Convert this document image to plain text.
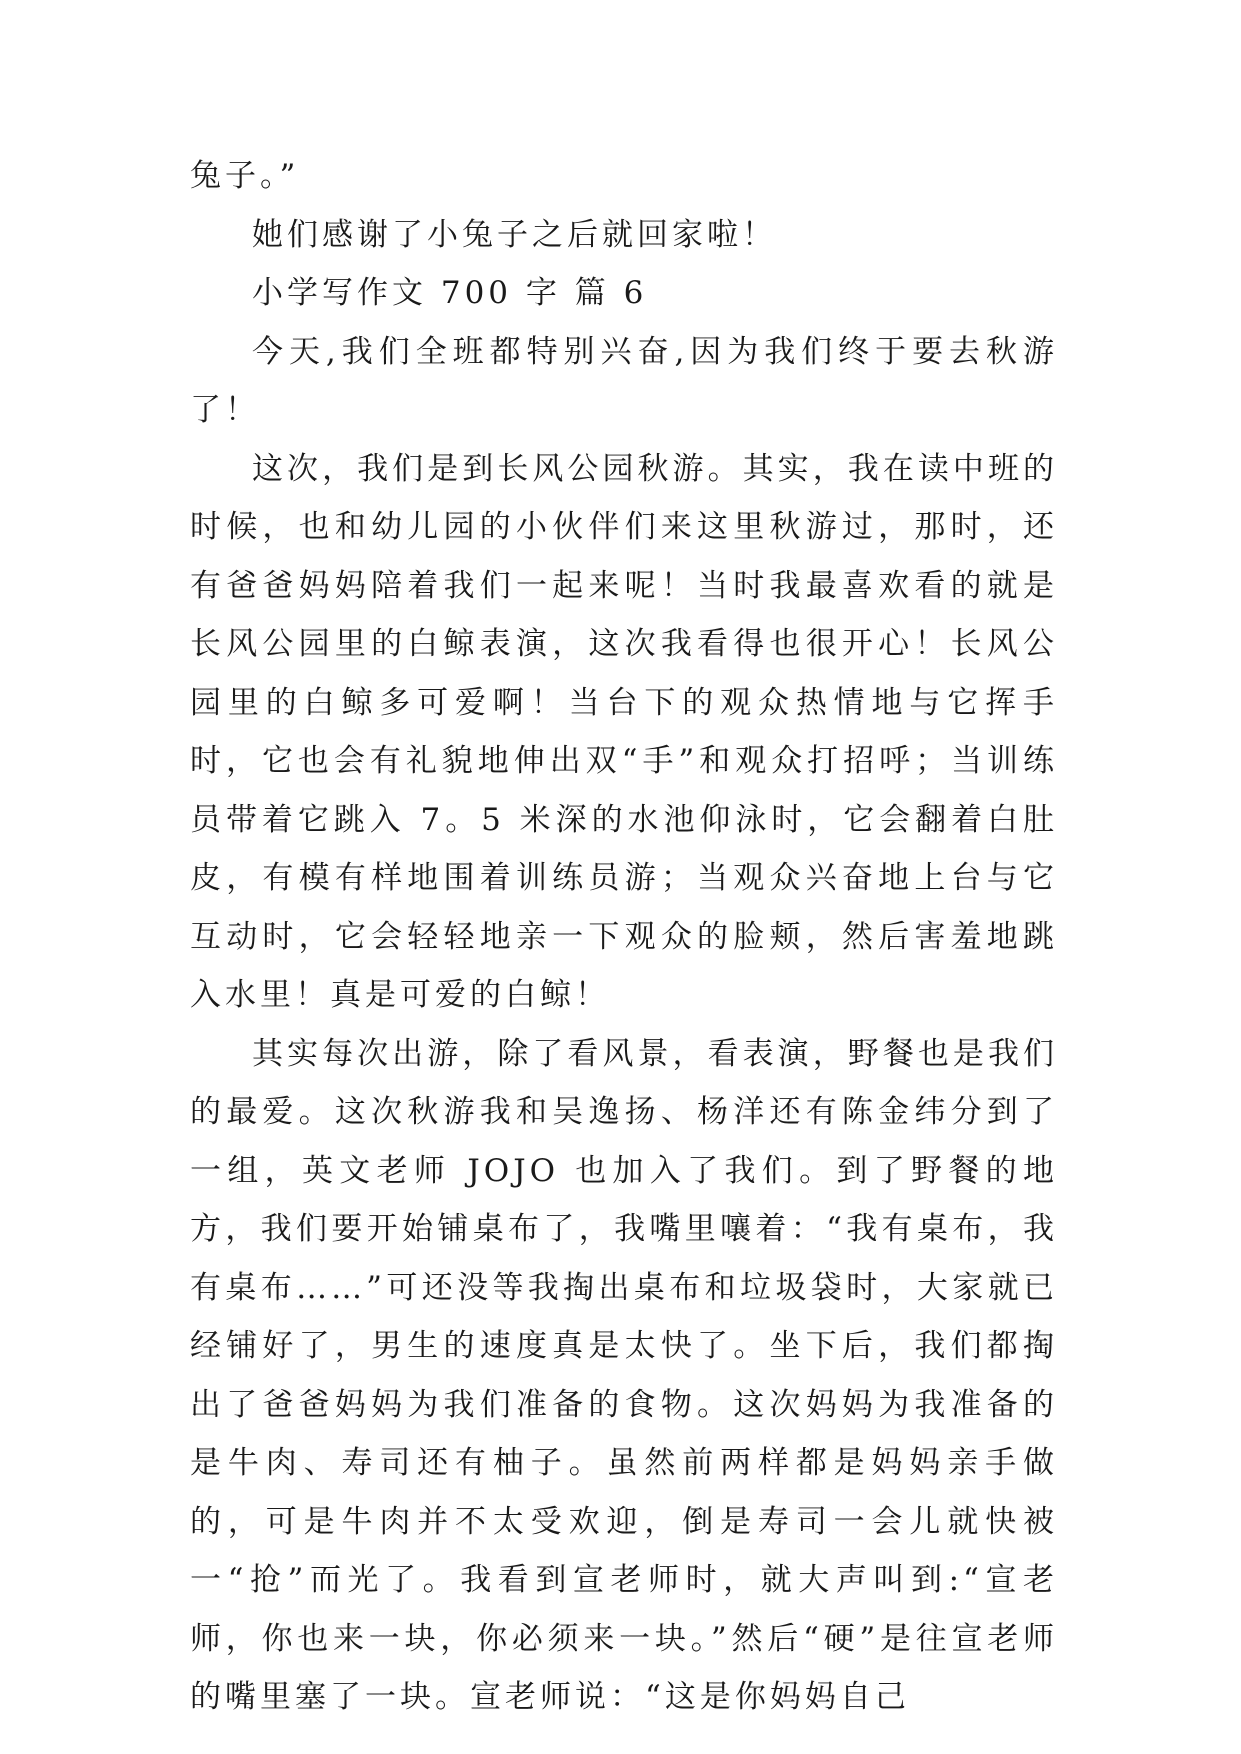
兔子。”

她们感谢了小兔子之后就回家啦！

小学写作文 700 字 篇 6

今天,我们全班都特别兴奋,因为我们终于要去秋游了！

这次，我们是到长风公园秋游。其实，我在读中班的时候，也和幼儿园的小伙伴们来这里秋游过，那时，还有爸爸妈妈陪着我们一起来呢！当时我最喜欢看的就是长风公园里的白鲸表演，这次我看得也很开心！长风公园里的白鲸多可爱啊！当台下的观众热情地与它挥手时，它也会有礼貌地伸出双“手”和观众打招呼；当训练员带着它跳入 7。5 米深的水池仰泳时，它会翻着白肚皮，有模有样地围着训练员游；当观众兴奋地上台与它互动时，它会轻轻地亲一下观众的脸颊，然后害羞地跳入水里！真是可爱的白鲸！

其实每次出游，除了看风景，看表演，野餐也是我们的最爱。这次秋游我和吴逸扬、杨洋还有陈金纬分到了一组，英文老师 JOJO 也加入了我们。到了野餐的地方，我们要开始铺桌布了，我嘴里嚷着：“我有桌布，我有桌布……”可还没等我掏出桌布和垃圾袋时，大家就已经铺好了，男生的速度真是太快了。坐下后，我们都掏出了爸爸妈妈为我们准备的食物。这次妈妈为我准备的是牛肉、寿司还有柚子。虽然前两样都是妈妈亲手做的，可是牛肉并不太受欢迎，倒是寿司一会儿就快被一“抢”而光了。我看到宣老师时，就大声叫到:“宣老师，你也来一块，你必须来一块。”然后“硬”是往宣老师的嘴里塞了一块。宣老师说：“这是你妈妈自己
